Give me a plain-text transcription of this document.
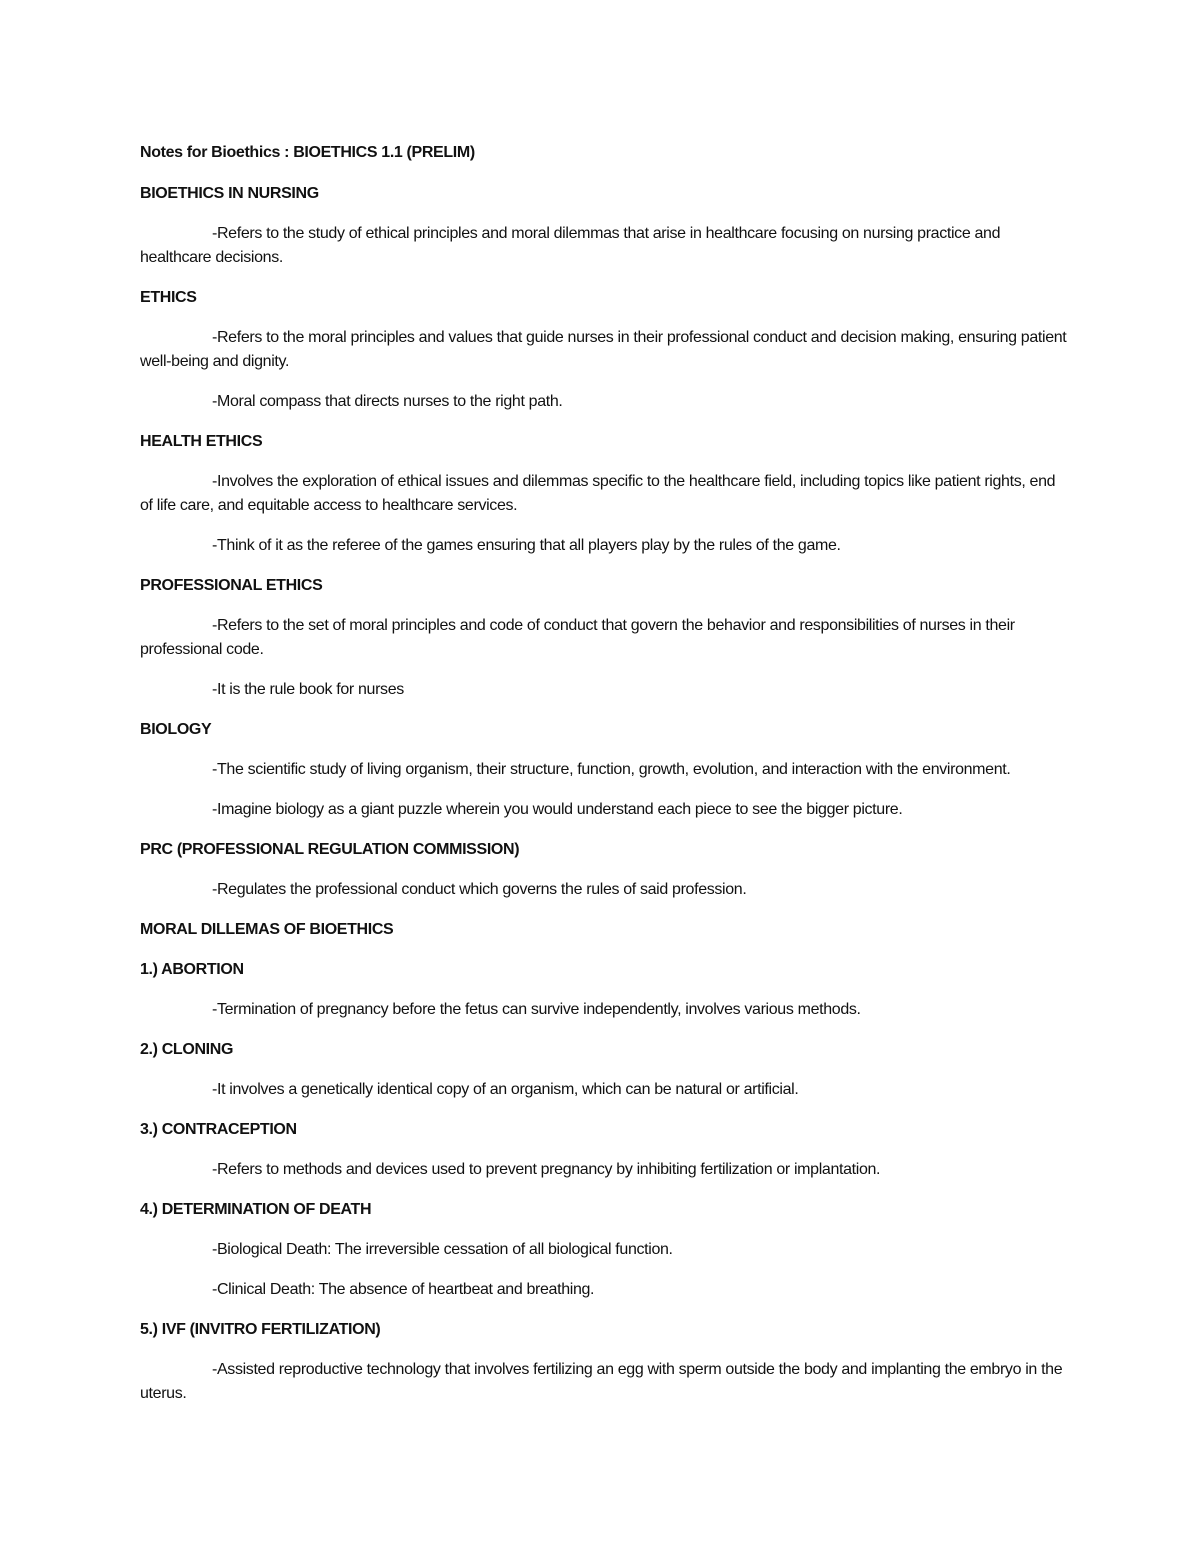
Notes for Bioethics : BIOETHICS 1.1 (PRELIM)
BIOETHICS IN NURSING
-Refers to the study of ethical principles and moral dilemmas that arise in healthcare focusing on nursing practice and healthcare decisions.
ETHICS
-Refers to the moral principles and values that guide nurses in their professional conduct and decision making, ensuring patient well-being and dignity.
-Moral compass that directs nurses to the right path.
HEALTH ETHICS
-Involves the exploration of ethical issues and dilemmas specific to the healthcare field, including topics like patient rights, end of life care, and equitable access to healthcare services.
-Think of it as the referee of the games ensuring that all players play by the rules of the game.
PROFESSIONAL ETHICS
-Refers to the set of moral principles and code of conduct that govern the behavior and responsibilities of nurses in their professional code.
-It is the rule book for nurses
BIOLOGY
-The scientific study of living organism, their structure, function, growth, evolution, and interaction with the environment.
-Imagine biology as a giant puzzle wherein you would understand each piece to see the bigger picture.
PRC (PROFESSIONAL REGULATION COMMISSION)
-Regulates the professional conduct which governs the rules of said profession.
MORAL DILLEMAS OF BIOETHICS
1.) ABORTION
-Termination of pregnancy before the fetus can survive independently, involves various methods.
2.) CLONING
-It involves a genetically identical copy of an organism, which can be natural or artificial.
3.) CONTRACEPTION
-Refers to methods and devices used to prevent pregnancy by inhibiting fertilization or implantation.
4.) DETERMINATION OF DEATH
-Biological Death: The irreversible cessation of all biological function.
-Clinical Death: The absence of heartbeat and breathing.
5.) IVF (INVITRO FERTILIZATION)
-Assisted reproductive technology that involves fertilizing an egg with sperm outside the body and implanting the embryo in the uterus.
